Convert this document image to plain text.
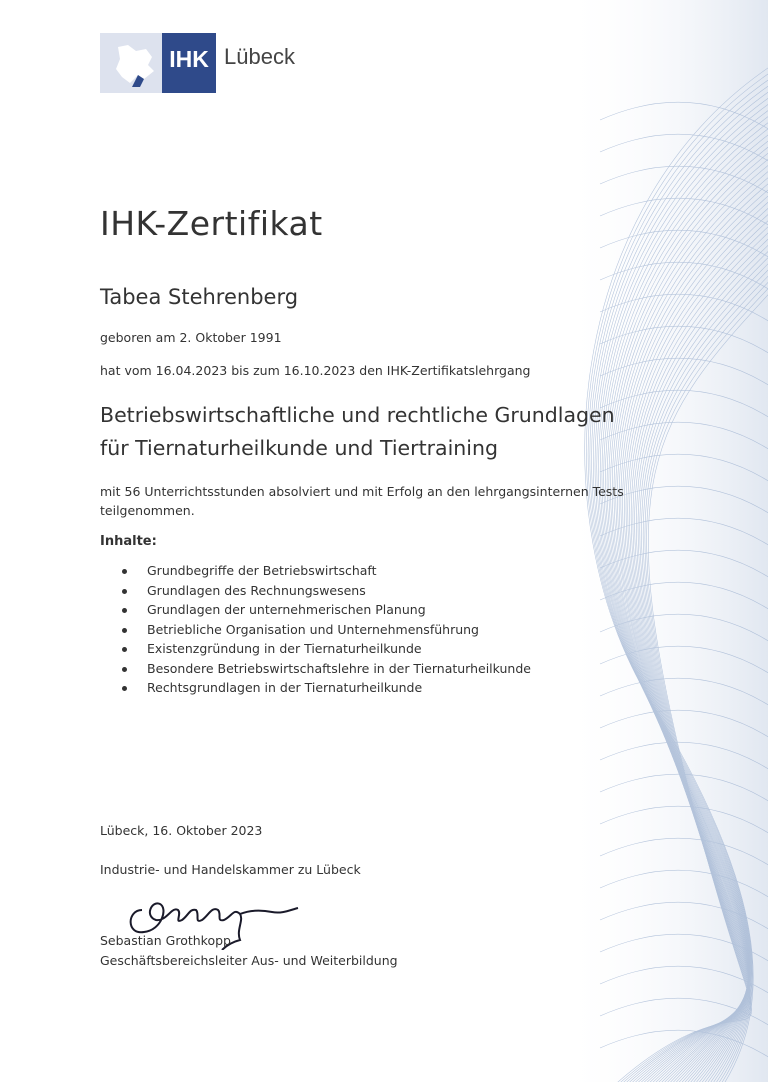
IHK Lübeck
IHK-Zertifikat
Tabea Stehrenberg

geboren am 2. Oktober 1991

hat vom 16.04.2023 bis zum 16.10.2023 den IHK-Zertifikatslehrgang

Betriebswirtschaftliche und rechtliche Grundlagen
für Tiernaturheilkunde und Tiertraining

mit 56 Unterrichtsstunden absolviert und mit Erfolg an den lehrgangsinternen Tests teilgenommen.

Inhalte:

Grundbegriffe der Betriebswirtschaft
Grundlagen des Rechnungswesens
Grundlagen der unternehmerischen Planung
Betriebliche Organisation und Unternehmensführung
Existenzgründung in der Tiernaturheilkunde
Besondere Betriebswirtschaftslehre in der Tiernaturheilkunde
Rechtsgrundlagen in der Tiernaturheilkunde

Lübeck, 16. Oktober 2023

Industrie- und Handelskammer zu Lübeck

Sebastian Grothkopp

Geschäftsbereichsleiter Aus- und Weiterbildung
